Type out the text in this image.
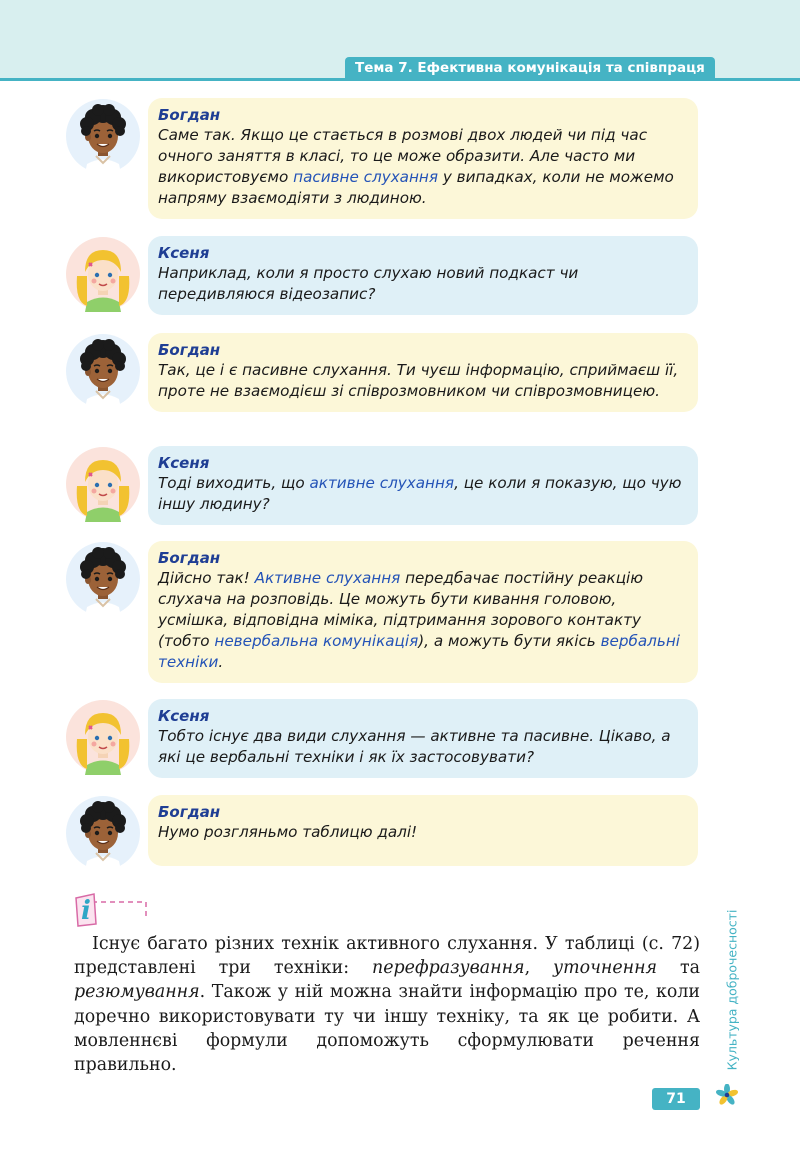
Тема 7. Ефективна комунікація та співпраця
Богдан

Саме так. Якщо це стається в розмові двох людей чи під час очного заняття в класі, то це може образити. Але часто ми використовуємо пасивне слухання у випадках, коли не можемо напряму взаємодіяти з людиною.

Ксеня

Наприклад, коли я просто слухаю новий подкаст чи передивляюся відеозапис?

Богдан

Так, це і є пасивне слухання. Ти чуєш інформацію, сприймаєш її, проте не взаємодієш зі співрозмовником чи співрозмовницею.

Ксеня

Тоді виходить, що активне слухання, це коли я показую, що чую іншу людину?

Богдан

Дійсно так! Активне слухання передбачає постійну реакцію слухача на розповідь. Це можуть бути кивання головою, усмішка, відповідна міміка, підтримання зорового контакту (тобто невербальна комунікація), а можуть бути якісь вербальні техніки.

Ксеня

Тобто існує два види слухання — активне та пасивне. Цікаво, а які це вербальні техніки і як їх застосовувати?

Богдан

Нумо розгляньмо таблицю далі!

i

Існує багато різних технік активного слухання. У таблиці (с. 72) представлені три техніки: перефразування, уточнення та резюмування. Також у ній можна знайти інформацію про те, коли доречно використовувати ту чи іншу техніку, та як це робити. А мовленнєві формули допоможуть сформулювати речення правильно.	Культура доброчесності
71
